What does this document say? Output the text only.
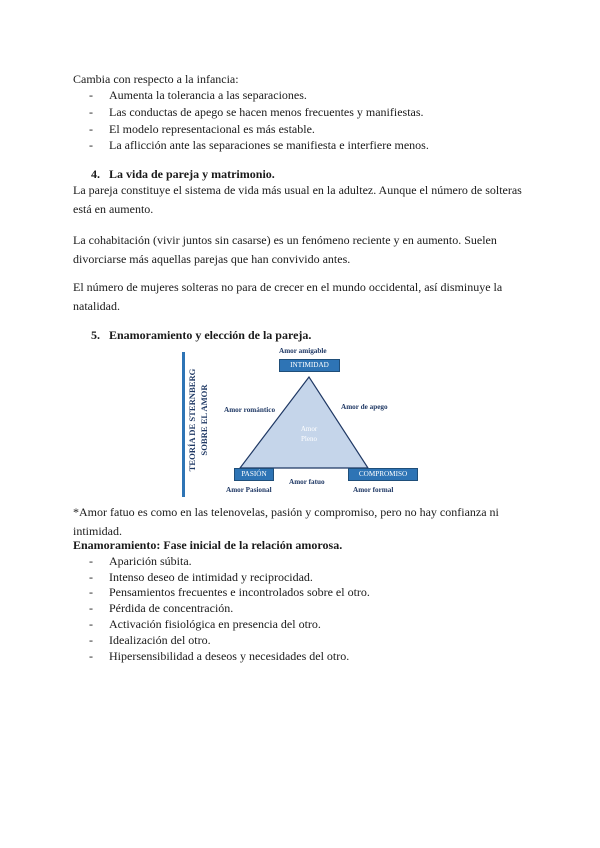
Cambia con respecto a la infancia:
- Aumenta la tolerancia a las separaciones.
- Las conductas de apego se hacen menos frecuentes y manifiestas.
- El modelo representacional es más estable.
- La aflicción ante las separaciones se manifiesta e interfiere menos.
4. La vida de pareja y matrimonio.
La pareja constituye el sistema de vida más usual en la adultez. Aunque el número de solteras está en aumento.
La cohabitación (vivir juntos sin casarse) es un fenómeno reciente y en aumento. Suelen divorciarse más aquellas parejas que han convivido antes.
El número de mujeres solteras no para de crecer en el mundo occidental, así disminuye la natalidad.
5. Enamoramiento y elección de la pareja.
TEORÍA DE STERNBERG
SOBRE EL AMOR
Amor amigable
INTIMIDAD
Amor romántico	Amor de apego
Amor
Pleno
PASIÓN	COMPROMISO
Amor Pasional
Amor fatuo
Amor formal
*Amor fatuo es como en las telenovelas, pasión y compromiso, pero no hay confianza ni intimidad.
Enamoramiento: Fase inicial de la relación amorosa.
- Aparición súbita.
- Intenso deseo de intimidad y reciprocidad.
- Pensamientos frecuentes e incontrolados sobre el otro.
- Pérdida de concentración.
- Activación fisiológica en presencia del otro.
- Idealización del otro.
- Hipersensibilidad a deseos y necesidades del otro.
